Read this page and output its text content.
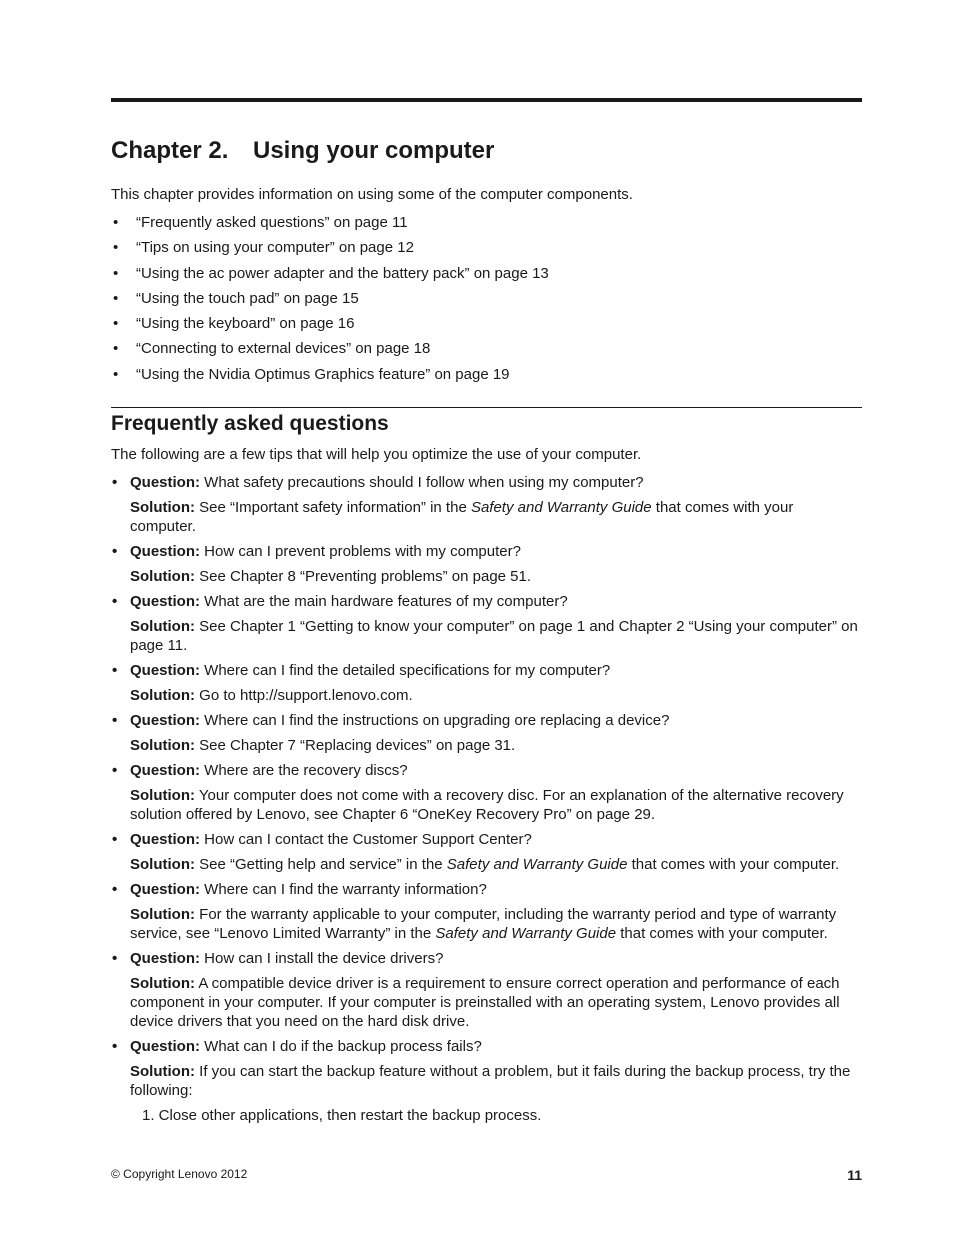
Chapter 2. Using your computer

This chapter provides information on using some of the computer components.

• “Frequently asked questions” on page 11
• “Tips on using your computer” on page 12
• “Using the ac power adapter and the battery pack” on page 13
• “Using the touch pad” on page 15
• “Using the keyboard” on page 16
• “Connecting to external devices” on page 18
• “Using the Nvidia Optimus Graphics feature” on page 19
Frequently asked questions

The following are a few tips that will help you optimize the use of your computer.

• Question: What safety precautions should I follow when using my computer?

Solution: See “Important safety information” in the Safety and Warranty Guide that comes with your computer.

• Question: How can I prevent problems with my computer?

Solution: See Chapter 8 “Preventing problems” on page 51.

• Question: What are the main hardware features of my computer?

Solution: See Chapter 1 “Getting to know your computer” on page 1 and Chapter 2 “Using your computer” on page 11.

• Question: Where can I find the detailed specifications for my computer?

Solution: Go to http://support.lenovo.com.

• Question: Where can I find the instructions on upgrading ore replacing a device?

Solution: See Chapter 7 “Replacing devices” on page 31.

• Question: Where are the recovery discs?

Solution: Your computer does not come with a recovery disc. For an explanation of the alternative recovery solution offered by Lenovo, see Chapter 6 “OneKey Recovery Pro” on page 29.

• Question: How can I contact the Customer Support Center?

Solution: See “Getting help and service” in the Safety and Warranty Guide that comes with your computer.

• Question: Where can I find the warranty information?

Solution: For the warranty applicable to your computer, including the warranty period and type of warranty service, see “Lenovo Limited Warranty” in the Safety and Warranty Guide that comes with your computer.

• Question: How can I install the device drivers?

Solution: A compatible device driver is a requirement to ensure correct operation and performance of each component in your computer. If your computer is preinstalled with an operating system, Lenovo provides all device drivers that you need on the hard disk drive.

• Question: What can I do if the backup process fails?

Solution: If you can start the backup feature without a problem, but it fails during the backup process, try the following:

1. Close other applications, then restart the backup process.
© Copyright Lenovo 2012	11
